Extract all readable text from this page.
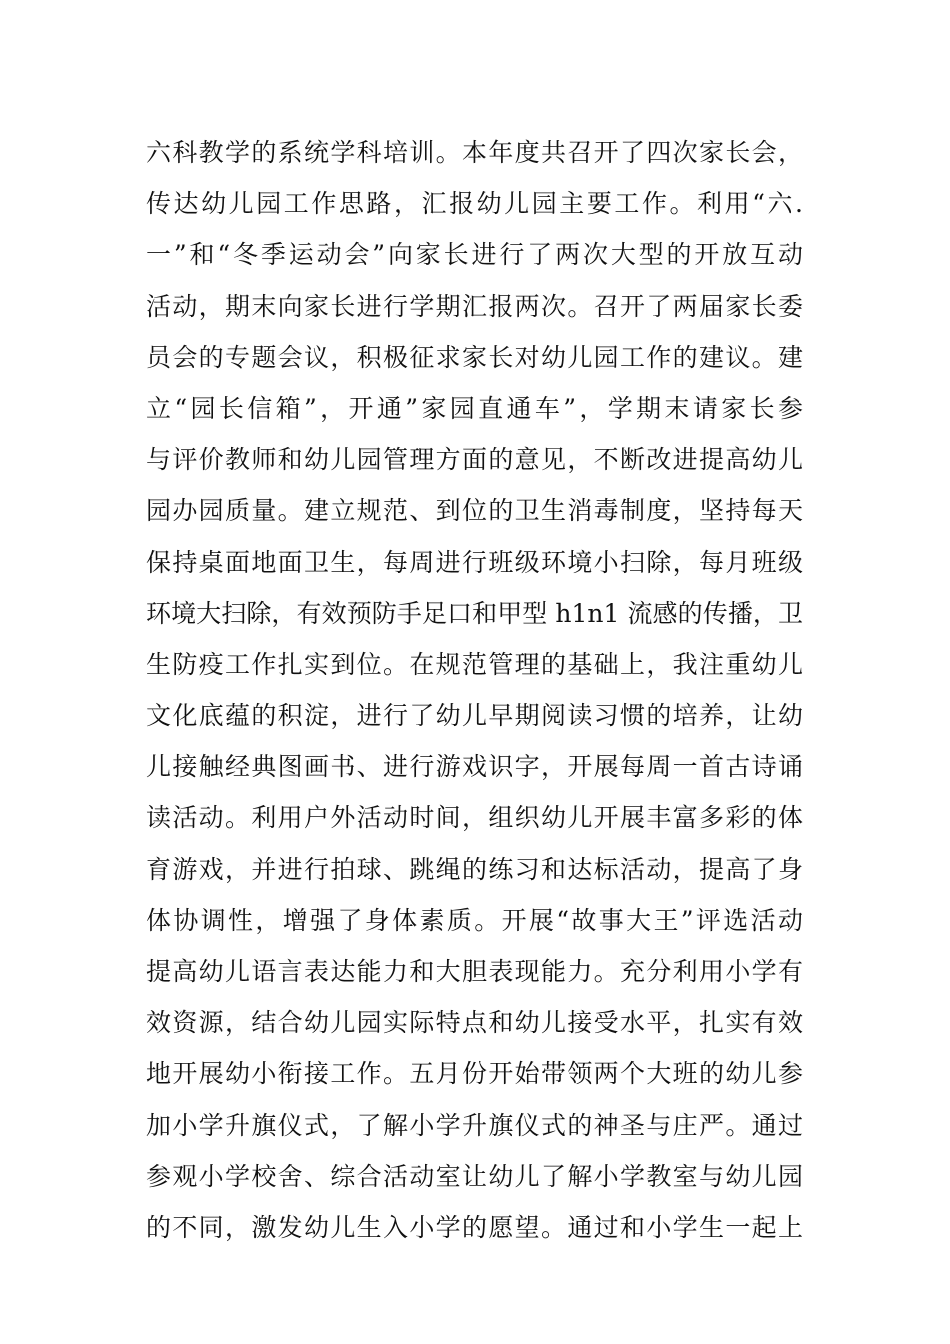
六科教学的系统学科培训。本年度共召开了四次家长会，
传达幼儿园工作思路，汇报幼儿园主要工作。利用“六.
一”和“冬季运动会”向家长进行了两次大型的开放互动
活动，期末向家长进行学期汇报两次。召开了两届家长委
员会的专题会议，积极征求家长对幼儿园工作的建议。建
立“园长信箱”，开通”家园直通车”，学期末请家长参
与评价教师和幼儿园管理方面的意见，不断改进提高幼儿
园办园质量。建立规范、到位的卫生消毒制度，坚持每天
保持桌面地面卫生，每周进行班级环境小扫除，每月班级
环境大扫除，有效预防手足口和甲型 h1n1 流感的传播，卫
生防疫工作扎实到位。在规范管理的基础上，我注重幼儿
文化底蕴的积淀，进行了幼儿早期阅读习惯的培养，让幼
儿接触经典图画书、进行游戏识字，开展每周一首古诗诵
读活动。利用户外活动时间，组织幼儿开展丰富多彩的体
育游戏，并进行拍球、跳绳的练习和达标活动，提高了身
体协调性，增强了身体素质。开展“故事大王”评选活动
提高幼儿语言表达能力和大胆表现能力。充分利用小学有
效资源，结合幼儿园实际特点和幼儿接受水平，扎实有效
地开展幼小衔接工作。五月份开始带领两个大班的幼儿参
加小学升旗仪式，了解小学升旗仪式的神圣与庄严。通过
参观小学校舍、综合活动室让幼儿了解小学教室与幼儿园
的不同，激发幼儿生入小学的愿望。通过和小学生一起上
